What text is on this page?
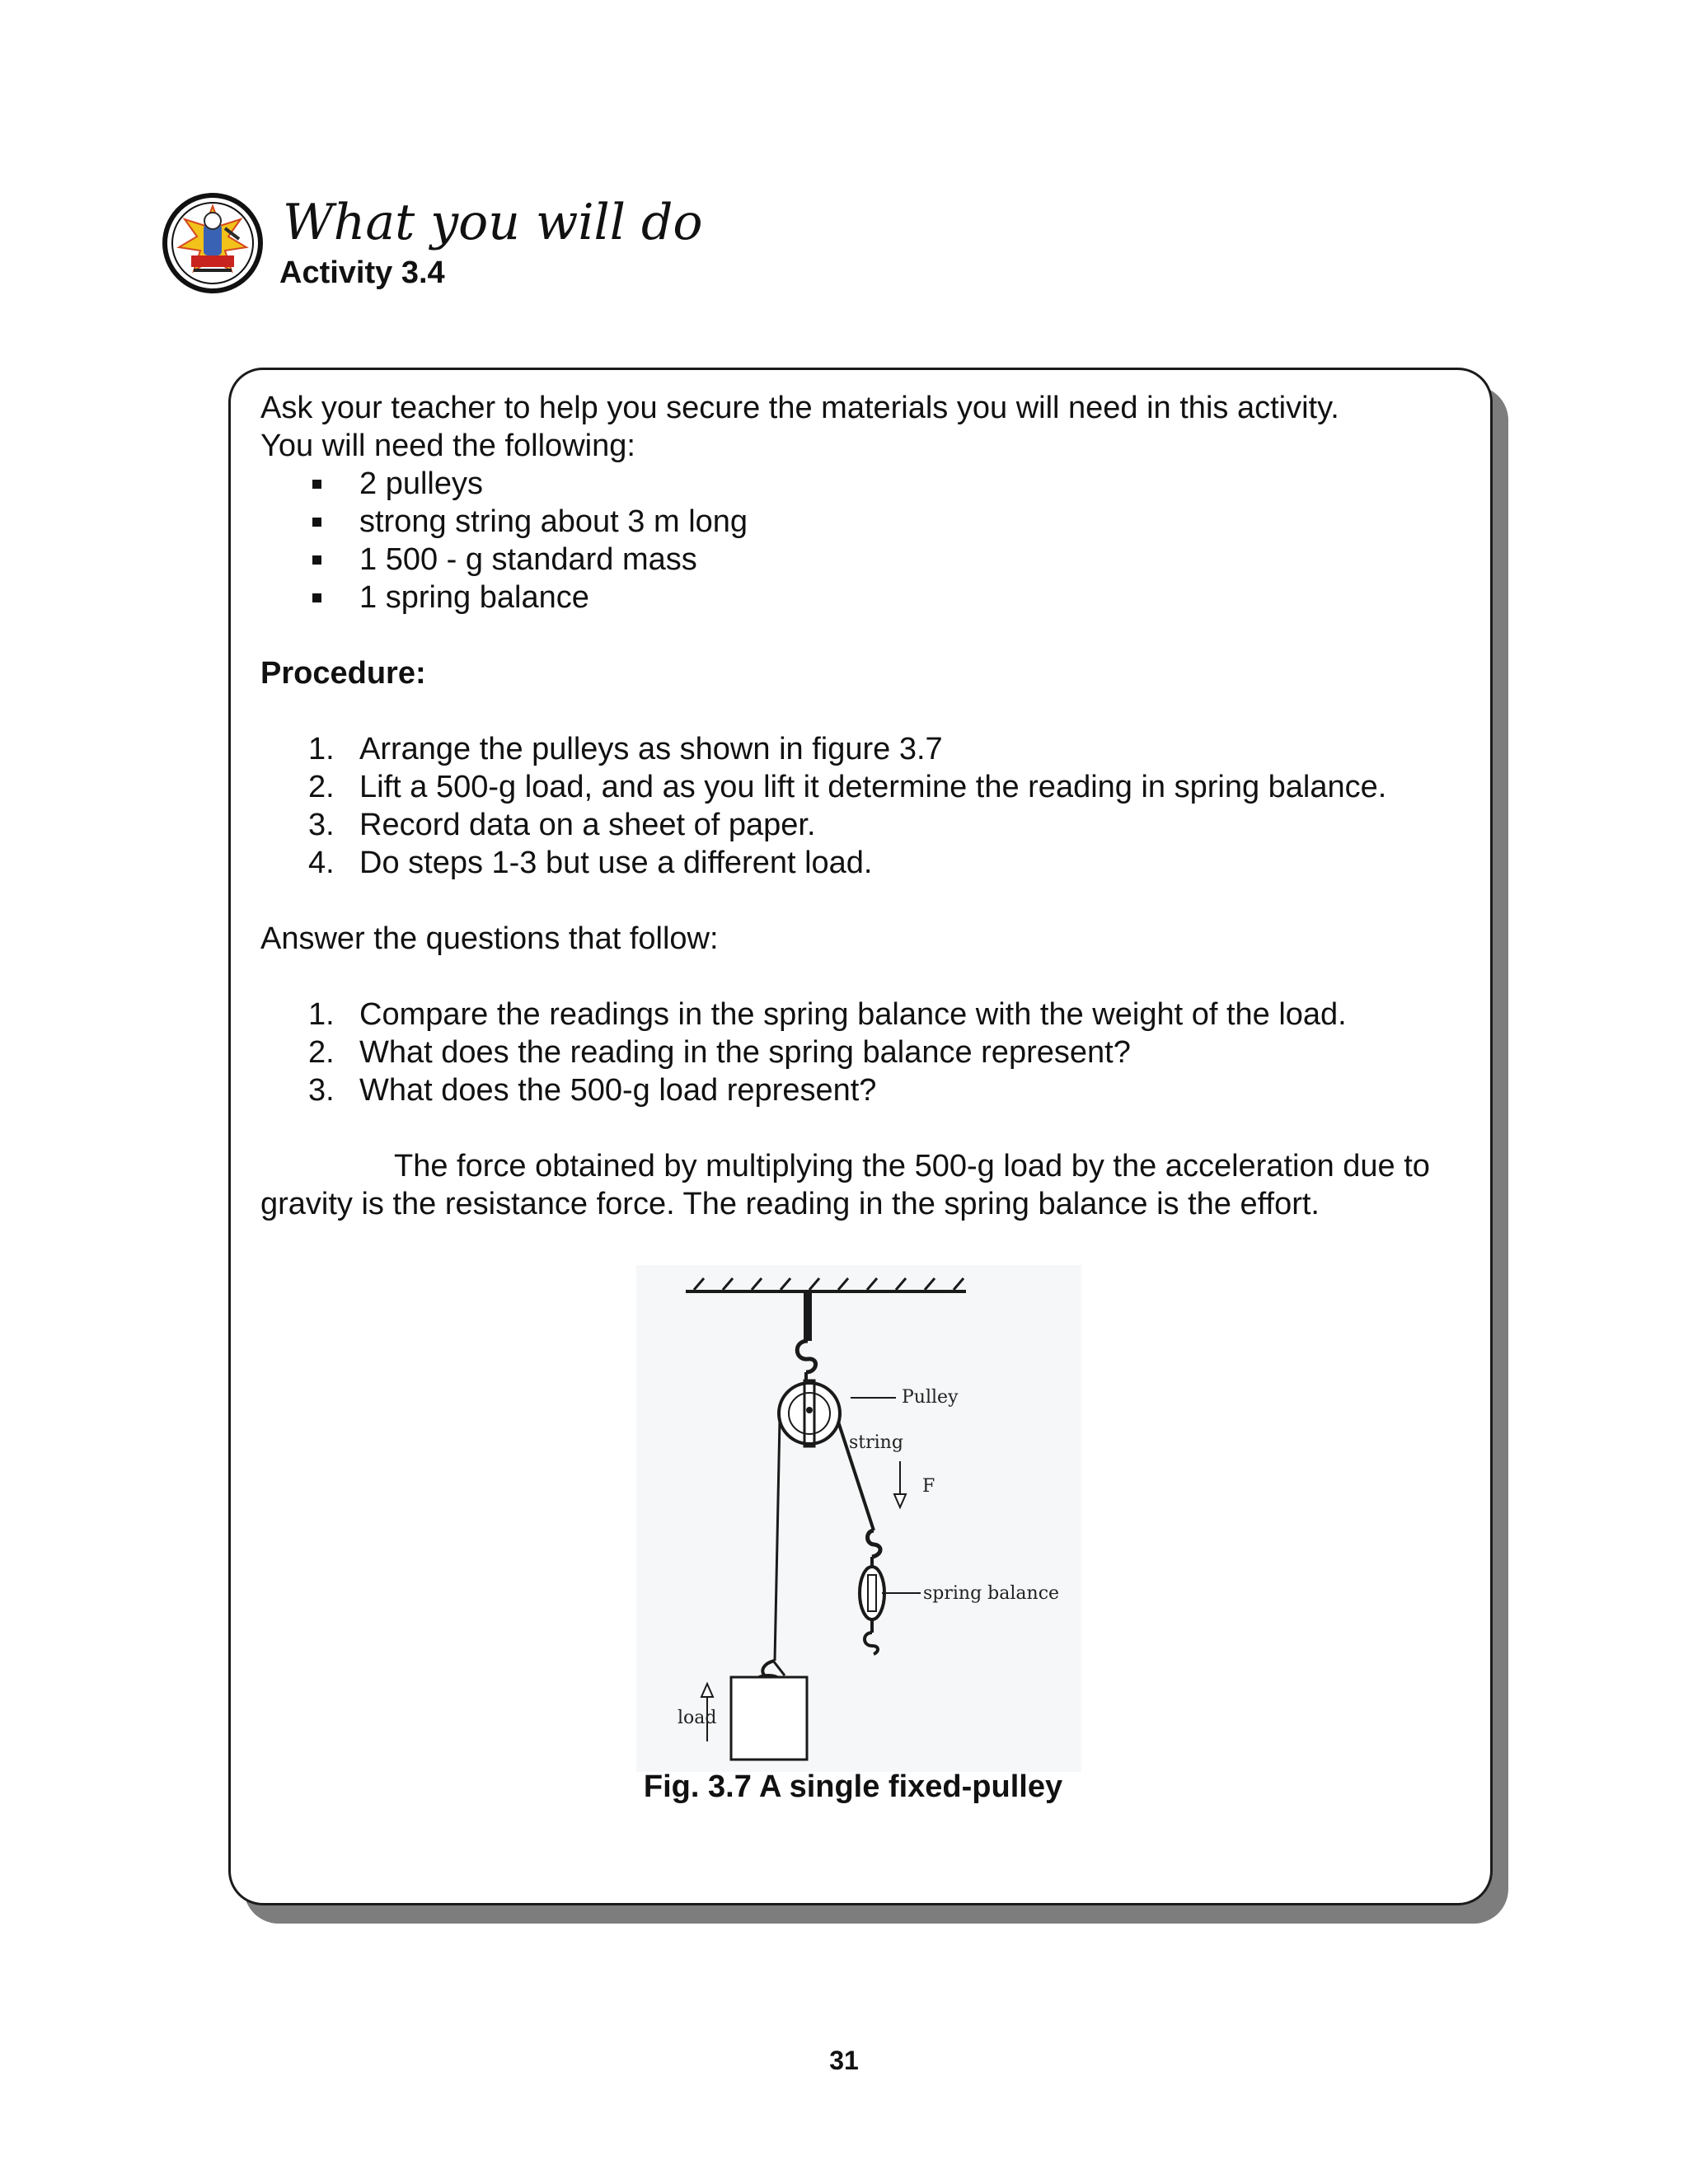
What you will do
Activity 3.4

Ask your teacher to help you secure the materials you will need in this activity.

You will need the following:

2 pulleys
strong string about 3 m long
1 500 - g standard mass
1 spring balance

Procedure:

1. Arrange the pulleys as shown in figure 3.7
2. Lift a 500-g load, and as you lift it determine the reading in spring balance.
3. Record data on a sheet of paper.
4. Do steps 1-3 but use a different load.

Answer the questions that follow:

1. Compare the readings in the spring balance with the weight of the load.
2. What does the reading in the spring balance represent?
3. What does the 500-g load represent?

The force obtained by multiplying the 500-g load by the acceleration due to gravity is the resistance force. The reading in the spring balance is the effort.

Pulley
string
F
spring balance
load
Fig. 3.7 A single fixed-pulley
31
